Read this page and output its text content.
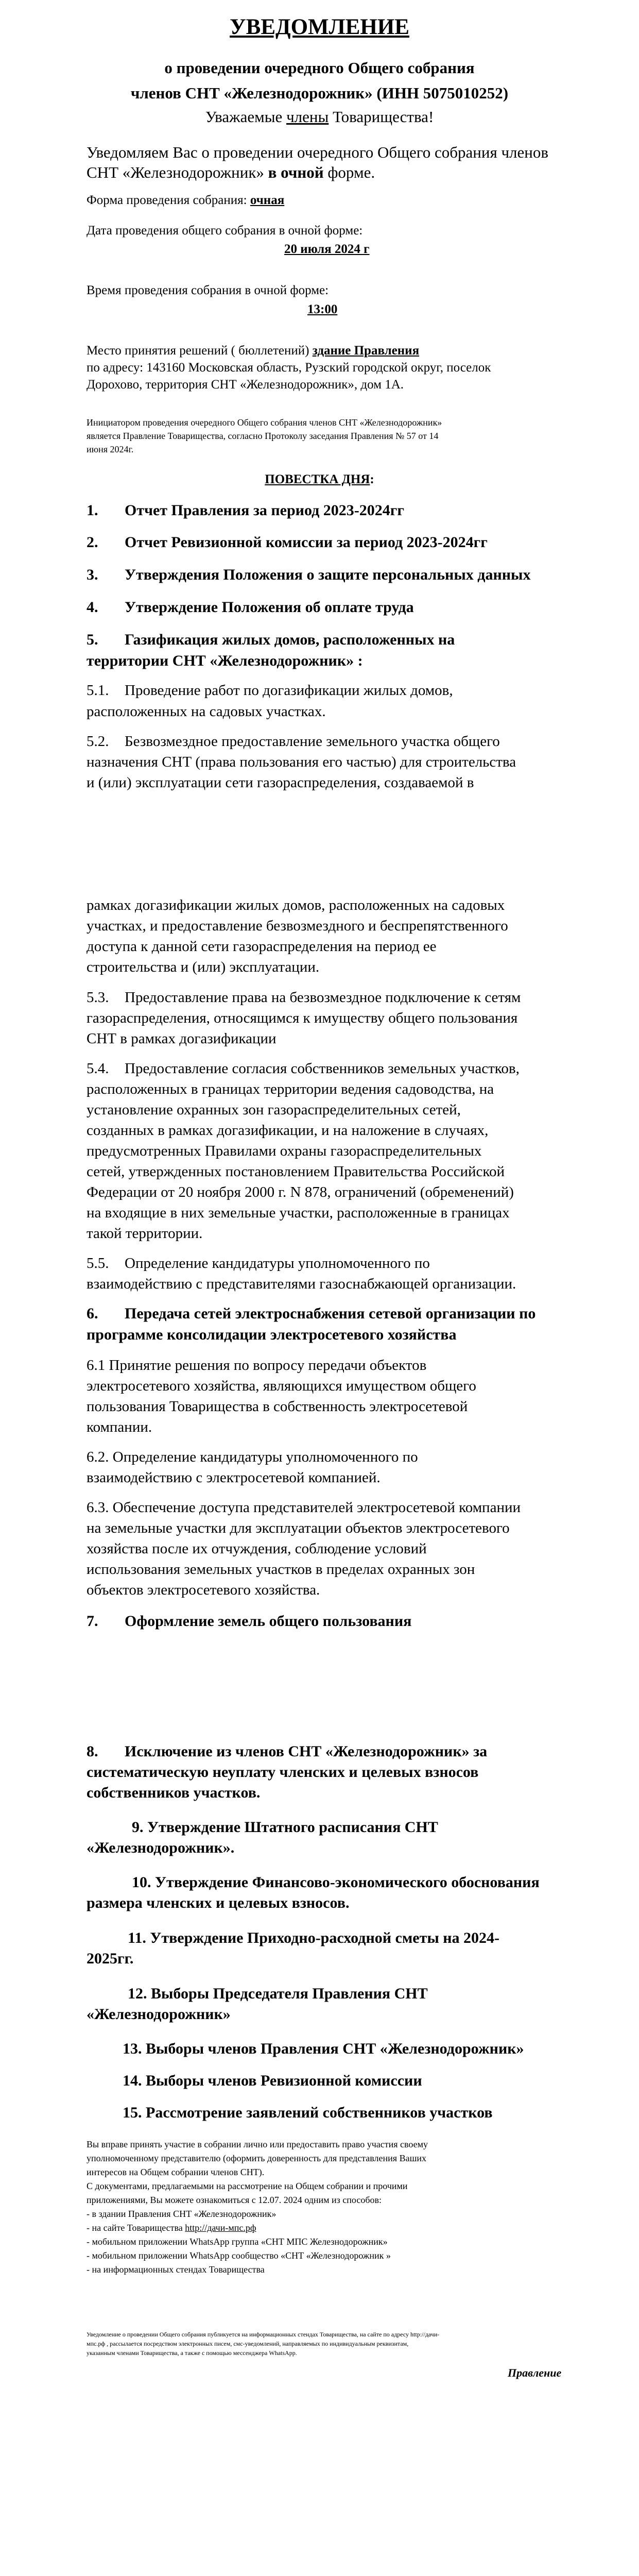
УВЕДОМЛЕНИЕ
о проведении очередного Общего собрания
членов СНТ «Железнодорожник» (ИНН 5075010252)
Уважаемые члены Товарищества!
Уведомляем Вас о проведении очередного Общего собрания членов
СНТ «Железнодорожник» в очной форме.
Форма проведения собрания: очная
Дата проведения общего собрания в очной форме:
20 июля 2024 г
Время проведения собрания в очной форме:
13:00
Место принятия решений ( бюллетений) здание Правления
по адресу: 143160 Московская область, Рузский городской округ, поселок
Дорохово, территория СНТ «Железнодорожник», дом 1А.
Инициатором проведения очередного Общего собрания членов СНТ «Железнодорожник»
является Правление Товарищества, согласно Протоколу заседания Правления № 57 от 14
июня 2024г.
ПОВЕСТКА ДНЯ:
1. Отчет Правления за период 2023-2024гг
2. Отчет Ревизионной комиссии за период 2023-2024гг
3. Утверждения Положения о защите персональных данных
4. Утверждение Положения об оплате труда
5. Газификация жилых домов, расположенных на
территории СНТ «Железнодорожник» :
5.1. Проведение работ по догазификации жилых домов,
расположенных на садовых участках.
5.2. Безвозмездное предоставление земельного участка общего
назначения СНТ (права пользования его частью) для строительства
и (или) эксплуатации сети газораспределения, создаваемой в
рамках догазификации жилых домов, расположенных на садовых
участках, и предоставление безвозмездного и беспрепятственного
доступа к данной сети газораспределения на период ее
строительства и (или) эксплуатации.
5.3. Предоставление права на безвозмездное подключение к сетям
газораспределения, относящимся к имуществу общего пользования
СНТ в рамках догазификации
5.4. Предоставление согласия собственников земельных участков,
расположенных в границах территории ведения садоводства, на
установление охранных зон газораспределительных сетей,
созданных в рамках догазификации, и на наложение в случаях,
предусмотренных Правилами охраны газораспределительных
сетей, утвержденных постановлением Правительства Российской
Федерации от 20 ноября 2000 г. N 878, ограничений (обременений)
на входящие в них земельные участки, расположенные в границах
такой территории.
5.5. Определение кандидатуры уполномоченного по
взаимодействию с представителями газоснабжающей организации.
6. Передача сетей электроснабжения сетевой организации по
программе консолидации электросетевого хозяйства
6.1 Принятие решения по вопросу передачи объектов
электросетевого хозяйства, являющихся имуществом общего
пользования Товарищества в собственность электросетевой
компании.
6.2. Определение кандидатуры уполномоченного по
взаимодействию с электросетевой компанией.
6.3. Обеспечение доступа представителей электросетевой компании
на земельные участки для эксплуатации объектов электросетевого
хозяйства после их отчуждения, соблюдение условий
использования земельных участков в пределах охранных зон
объектов электросетевого хозяйства.
7. Оформление земель общего пользования
8. Исключение из членов СНТ «Железнодорожник» за
систематическую неуплату членских и целевых взносов
собственников участков.
9. Утверждение Штатного расписания СНТ
«Железнодорожник».
10. Утверждение Финансово-экономического обоснования
размера членских и целевых взносов.
11. Утверждение Приходно-расходной сметы на 2024-
2025гг.
12. Выборы Председателя Правления СНТ
«Железнодорожник»
13. Выборы членов Правления СНТ «Железнодорожник»
14. Выборы членов Ревизионной комиссии
15. Рассмотрение заявлений собственников участков
Вы вправе принять участие в собрании лично или предоставить право участия своему
уполномоченному представителю (оформить доверенность для представления Ваших
интересов на Общем собрании членов СНТ).
С документами, предлагаемыми на рассмотрение на Общем собрании и прочими
приложениями, Вы можете ознакомиться с 12.07. 2024 одним из способов:
- в здании Правления СНТ «Железнодорожник»
- на сайте Товарищества http://дачи-мпс.рф
- мобильном приложении WhatsApp группа «СНТ МПС Железнодорожник»
- мобильном приложении WhatsApp сообщество «СНТ «Железнодорожник »
- на информационных стендах Товарищества
Уведомление о проведении Общего собрания публикуется на информационных стендах Товарищества, на сайте по адресу http://дачи-
мпс.рф , рассылается посредством электронных писем, смс-уведомлений, направляемых по индивидуальным реквизитам,
указанным членами Товарищества, а также с помощью мессенджера WhatsApp.
Правление
